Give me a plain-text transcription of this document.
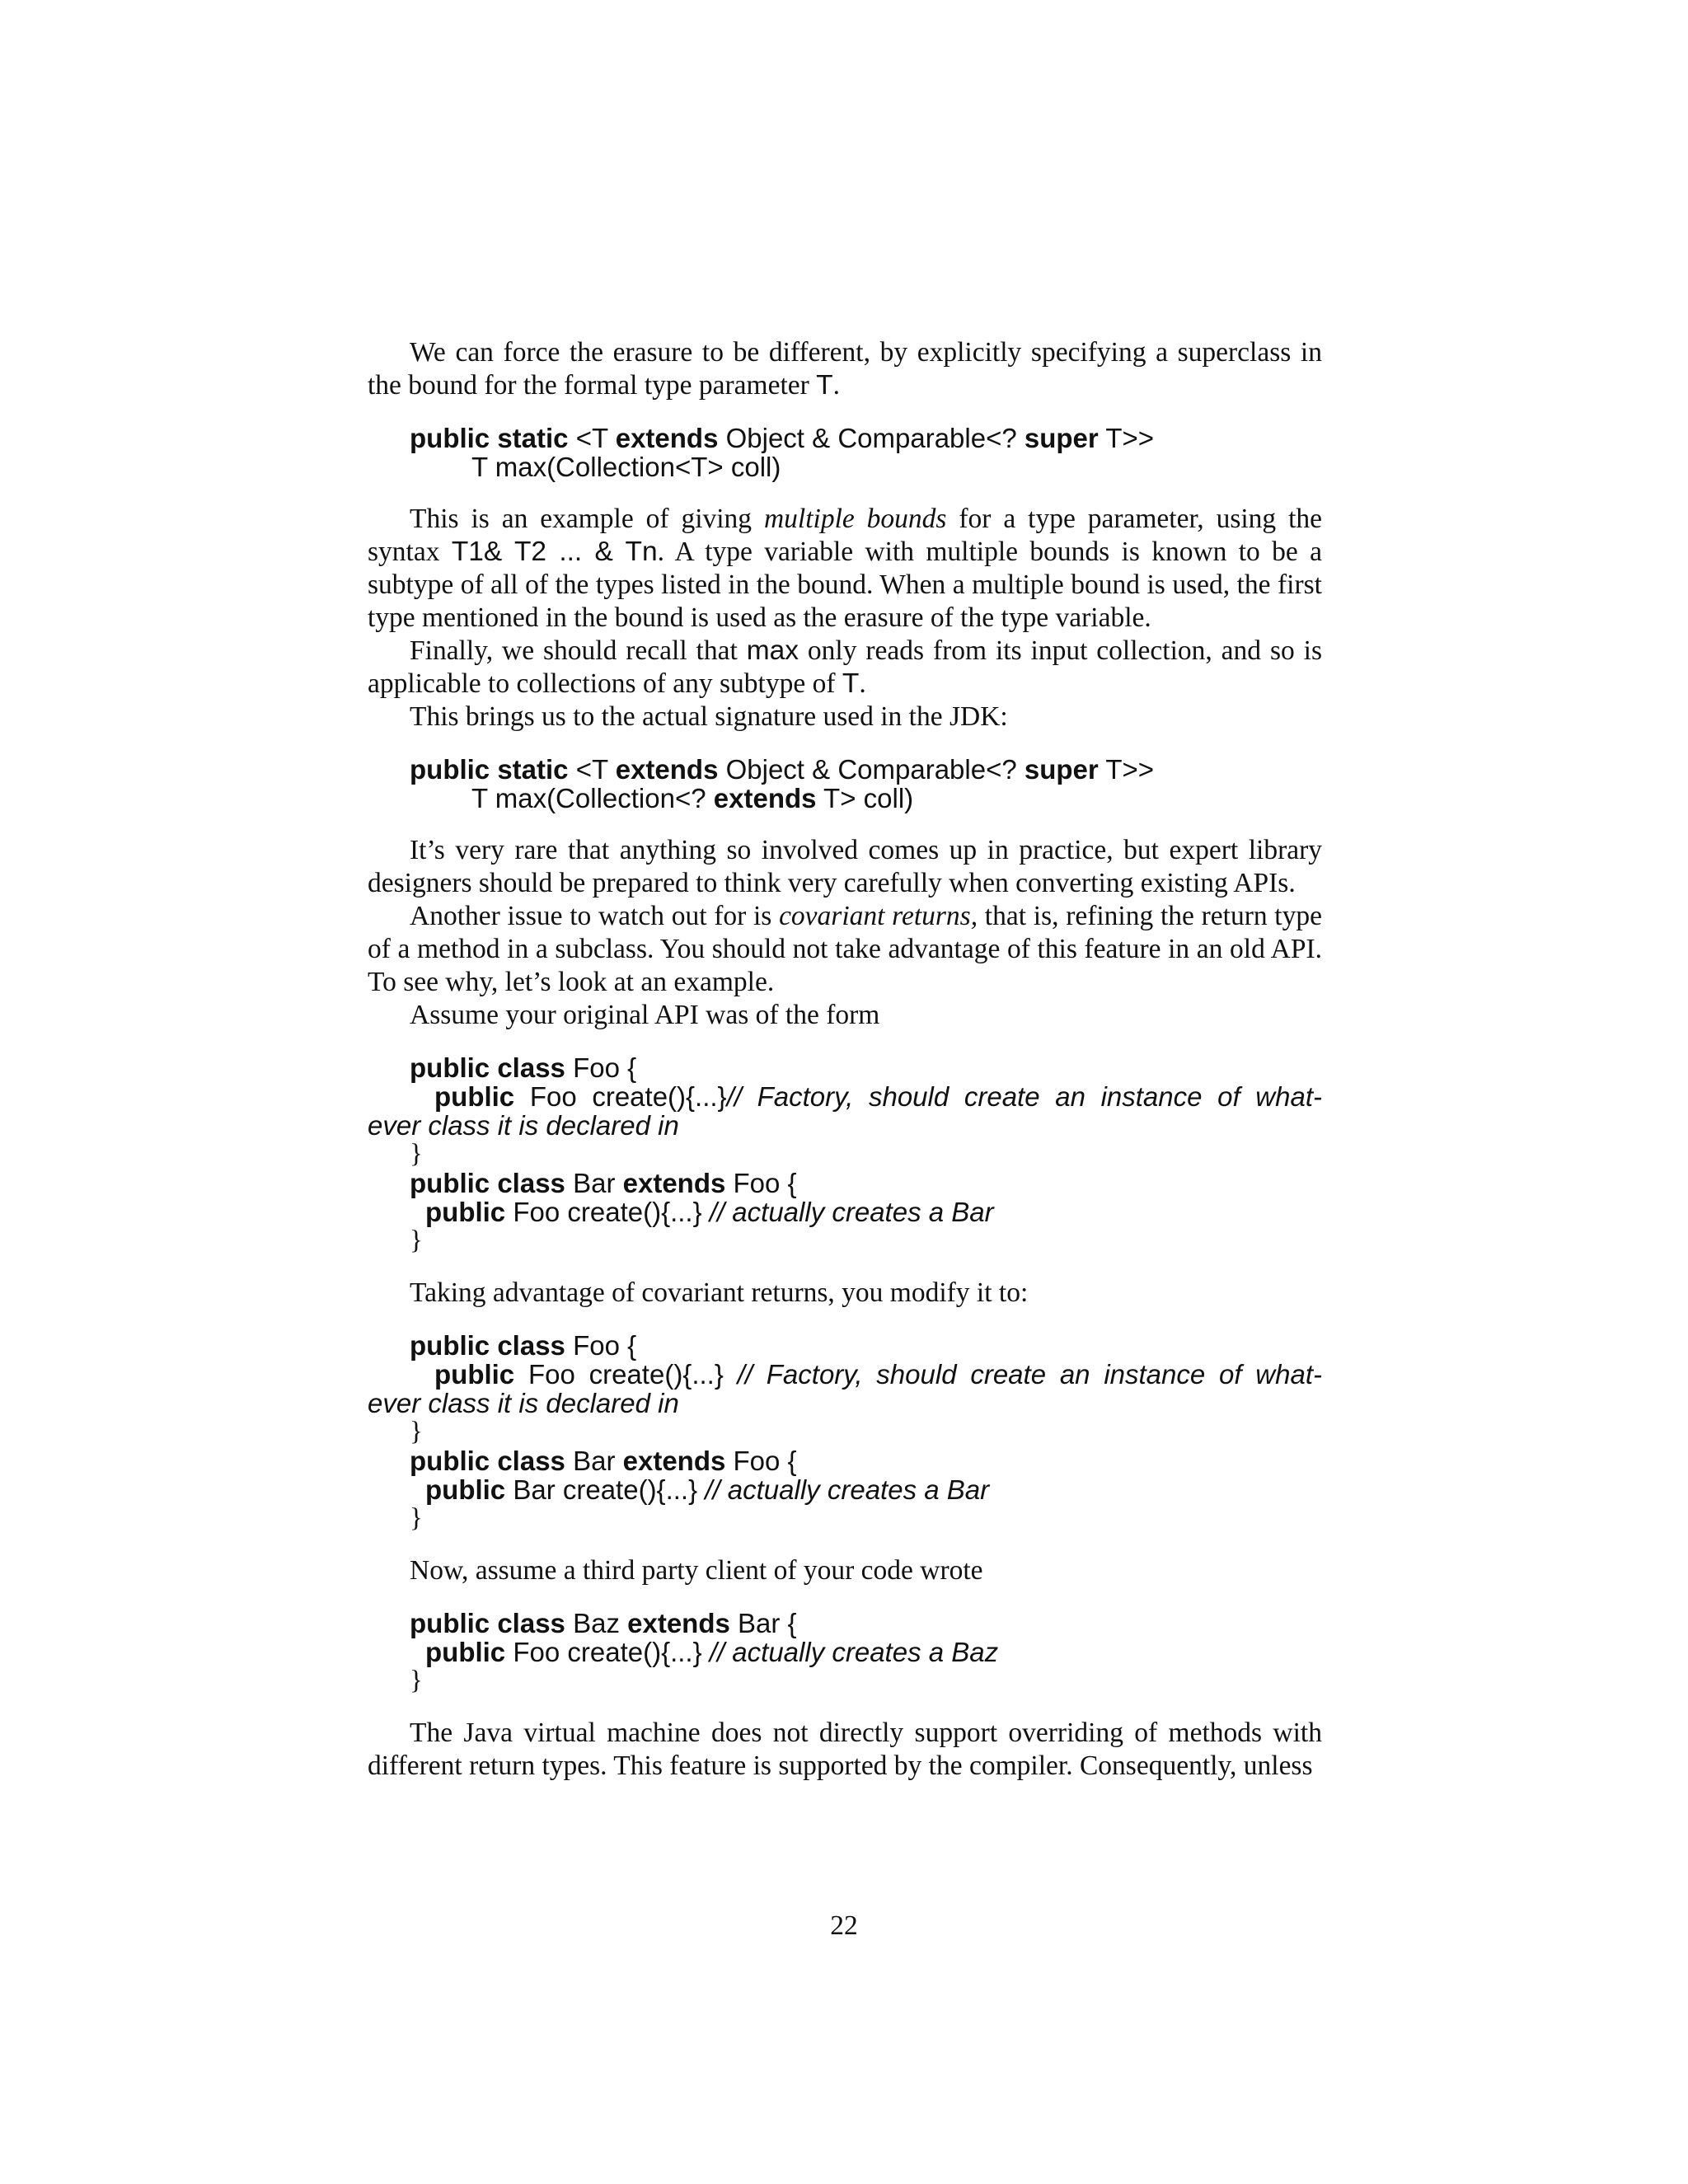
We can force the erasure to be different, by explicitly specifying a superclass in the bound for the formal type parameter T.

public static <T extends Object & Comparable<? super T>>
T max(Collection<T> coll)

This is an example of giving multiple bounds for a type parameter, using the syntax T1& T2 ... & Tn. A type variable with multiple bounds is known to be a subtype of all of the types listed in the bound. When a multiple bound is used, the first type mentioned in the bound is used as the erasure of the type variable.

Finally, we should recall that max only reads from its input collection, and so is applicable to collections of any subtype of T.

This brings us to the actual signature used in the JDK:

public static <T extends Object & Comparable<? super T>>
T max(Collection<? extends T> coll)

It’s very rare that anything so involved comes up in practice, but expert library designers should be prepared to think very carefully when converting existing APIs.

Another issue to watch out for is covariant returns, that is, refining the return type of a method in a subclass. You should not take advantage of this feature in an old API. To see why, let’s look at an example.

Assume your original API was of the form

public class Foo {
public Foo create(){...}// Factory, should create an instance of what-
ever class it is declared in
}
public class Bar extends Foo {
public Foo create(){...} // actually creates a Bar
}

Taking advantage of covariant returns, you modify it to:

public class Foo {
public Foo create(){...} // Factory, should create an instance of what-
ever class it is declared in
}
public class Bar extends Foo {
public Bar create(){...} // actually creates a Bar
}

Now, assume a third party client of your code wrote

public class Baz extends Bar {
public Foo create(){...} // actually creates a Baz
}

The Java virtual machine does not directly support overriding of methods with different return types. This feature is supported by the compiler. Consequently, unless

22
